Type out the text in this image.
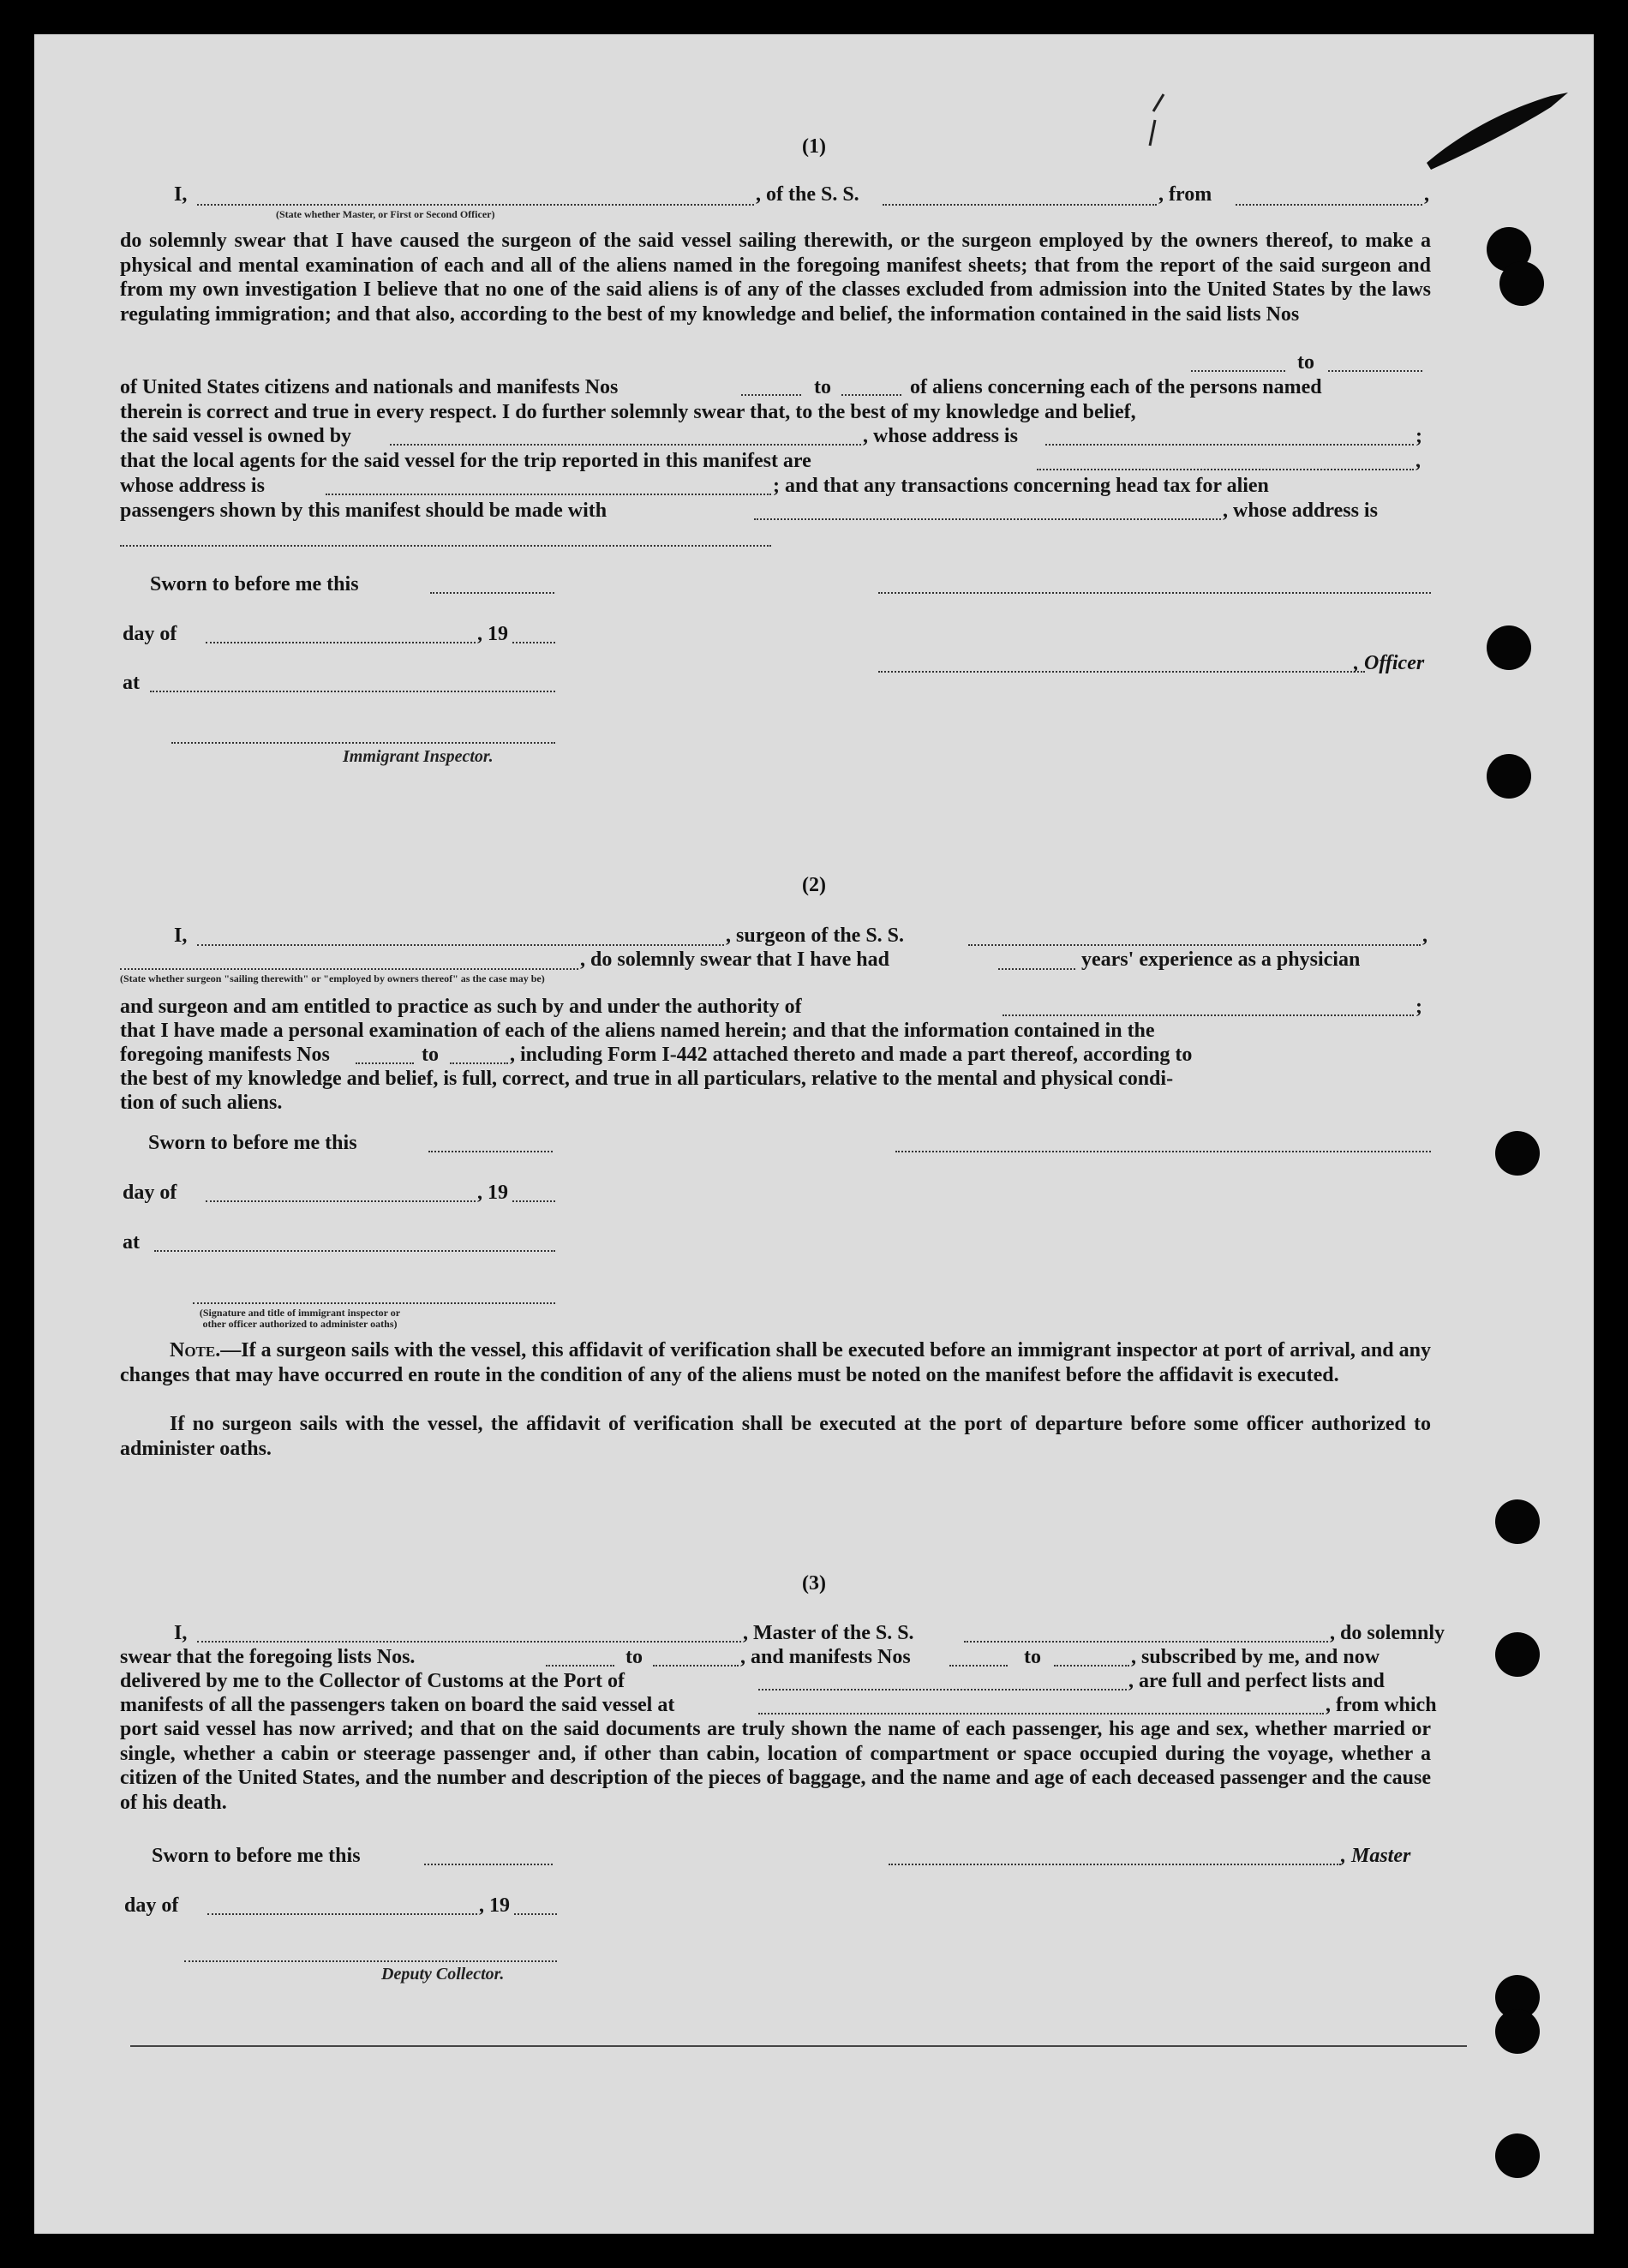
(1)
I,	, of the S. S.	, from	,
(State whether Master, or First or Second Officer)

do solemnly swear that I have caused the surgeon of the said vessel sailing therewith, or the surgeon employed by the owners thereof, to make a physical and mental examination of each and all of the aliens named in the foregoing manifest sheets; that from the report of the said surgeon and from my own investigation I believe that no one of the said aliens is of any of the classes excluded from admission into the United States by the laws regulating immigration; and that also, according to the best of my knowledge and belief, the information contained in the said lists Nos

to
of United States citizens and nationals and manifests Nos	to	of aliens concerning each of the persons named
therein is correct and true in every respect. I do further solemnly swear that, to the best of my knowledge and belief,
the said vessel is owned by	, whose address is	;
that the local agents for the said vessel for the trip reported in this manifest are	,
whose address is	; and that any transactions concerning head tax for alien
passengers shown by this manifest should be made with	, whose address is
Sworn to before me this
day of	, 19
, Officer
at
Immigrant Inspector.
(2)
I,	, surgeon of the S. S.	,
, do solemnly swear that I have had	years' experience as a physician
(State whether surgeon "sailing therewith" or "employed by owners thereof" as the case may be)
and surgeon and am entitled to practice as such by and under the authority of	;
that I have made a personal examination of each of the aliens named herein; and that the information contained in the
foregoing manifests Nos	to	, including Form I-442 attached thereto and made a part thereof, according to
the best of my knowledge and belief, is full, correct, and true in all particulars, relative to the mental and physical condi-
tion of such aliens.
Sworn to before me this
day of	, 19
at
(Signature and title of immigrant inspector or other officer authorized to administer oaths)

Note.—If a surgeon sails with the vessel, this affidavit of verification shall be executed before an immigrant inspector at port of arrival, and any changes that may have occurred en route in the condition of any of the aliens must be noted on the manifest before the affidavit is executed.

If no surgeon sails with the vessel, the affidavit of verification shall be executed at the port of departure before some officer authorized to administer oaths.

(3)
I,	, Master of the S. S.	, do solemnly
swear that the foregoing lists Nos.	to	, and manifests Nos	to	, subscribed by me, and now
delivered by me to the Collector of Customs at the Port of	, are full and perfect lists and
manifests of all the passengers taken on board the said vessel at	, from which

port said vessel has now arrived; and that on the said documents are truly shown the name of each passenger, his age and sex, whether married or single, whether a cabin or steerage passenger and, if other than cabin, location of compartment or space occupied during the voyage, whether a citizen of the United States, and the number and description of the pieces of baggage, and the name and age of each deceased passenger and the cause of his death.

Sworn to before me this	, Master
day of	, 19
Deputy Collector.
